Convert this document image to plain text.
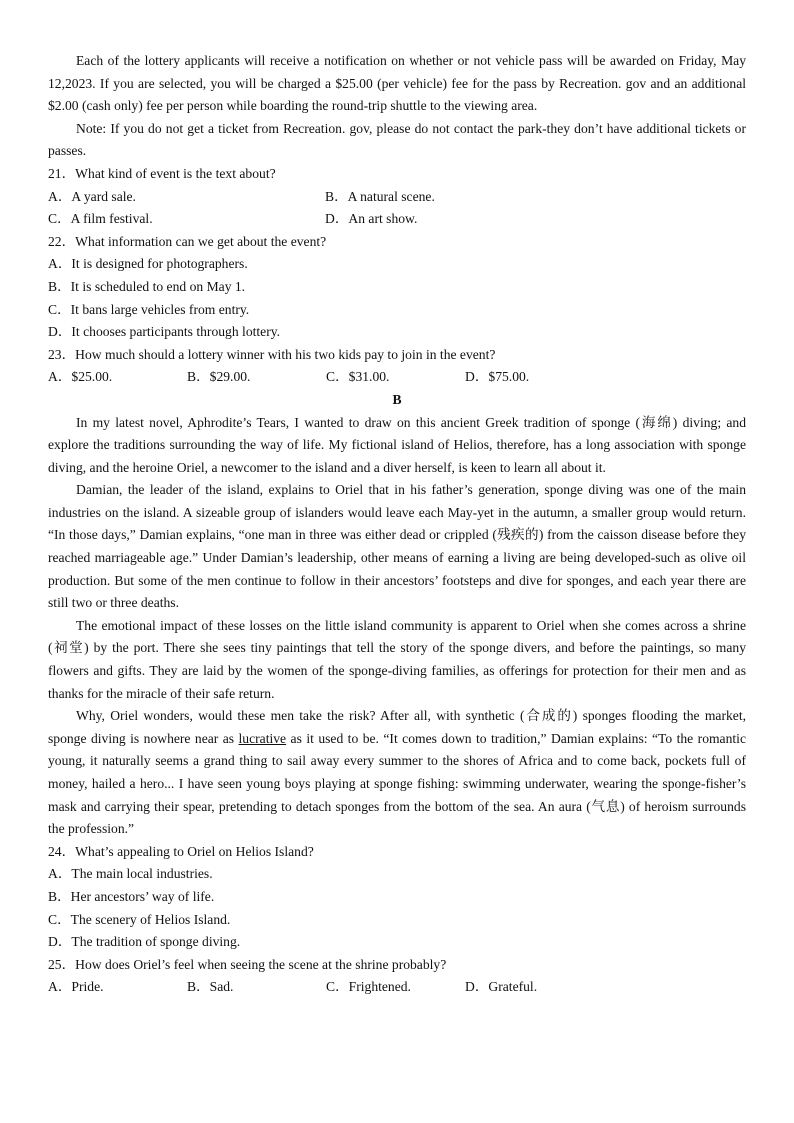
Each of the lottery applicants will receive a notification on whether or not vehicle pass will be awarded on Friday, May 12,2023. If you are selected, you will be charged a $25.00 (per vehicle) fee for the pass by Recreation. gov and an additional $2.00 (cash only) fee per person while boarding the round-trip shuttle to the viewing area.

Note: If you do not get a ticket from Recreation. gov, please do not contact the park-they don’t have additional tickets or passes.

21．What kind of event is the text about?
A．A yard sale.	B．A natural scene.
C．A film festival.	D．An art show.
22．What information can we get about the event?
A．It is designed for photographers.
B．It is scheduled to end on May 1.
C．It bans large vehicles from entry.
D．It chooses participants through lottery.
23．How much should a lottery winner with his two kids pay to join in the event?
A．$25.00.	B．$29.00.	C．$31.00.	D．$75.00.
B

In my latest novel, Aphrodite’s Tears, I wanted to draw on this ancient Greek tradition of sponge (海绵) diving; and explore the traditions surrounding the way of life. My fictional island of Helios, therefore, has a long association with sponge diving, and the heroine Oriel, a newcomer to the island and a diver herself, is keen to learn all about it.

Damian, the leader of the island, explains to Oriel that in his father’s generation, sponge diving was one of the main industries on the island. A sizeable group of islanders would leave each May-yet in the autumn, a smaller group would return. “In those days,” Damian explains, “one man in three was either dead or crippled (残疾的) from the caisson disease before they reached marriageable age.” Under Damian’s leadership, other means of earning a living are being developed-such as olive oil production. But some of the men continue to follow in their ancestors’ footsteps and dive for sponges, and each year there are still two or three deaths.

The emotional impact of these losses on the little island community is apparent to Oriel when she comes across a shrine (祠堂) by the port. There she sees tiny paintings that tell the story of the sponge divers, and before the paintings, so many flowers and gifts. They are laid by the women of the sponge-diving families, as offerings for protection for their men and as thanks for the miracle of their safe return.

Why, Oriel wonders, would these men take the risk? After all, with synthetic (合成的) sponges flooding the market, sponge diving is nowhere near as lucrative as it used to be. “It comes down to tradition,” Damian explains: “To the romantic young, it naturally seems a grand thing to sail away every summer to the shores of Africa and to come back, pockets full of money, hailed a hero... I have seen young boys playing at sponge fishing: swimming underwater, wearing the sponge-fisher’s mask and carrying their spear, pretending to detach sponges from the bottom of the sea. An aura (气息) of heroism surrounds the profession.”

24．What’s appealing to Oriel on Helios Island?
A．The main local industries.
B．Her ancestors’ way of life.
C．The scenery of Helios Island.
D．The tradition of sponge diving.
25．How does Oriel’s feel when seeing the scene at the shrine probably?
A．Pride.	B．Sad.	C．Frightened.	D．Grateful.
